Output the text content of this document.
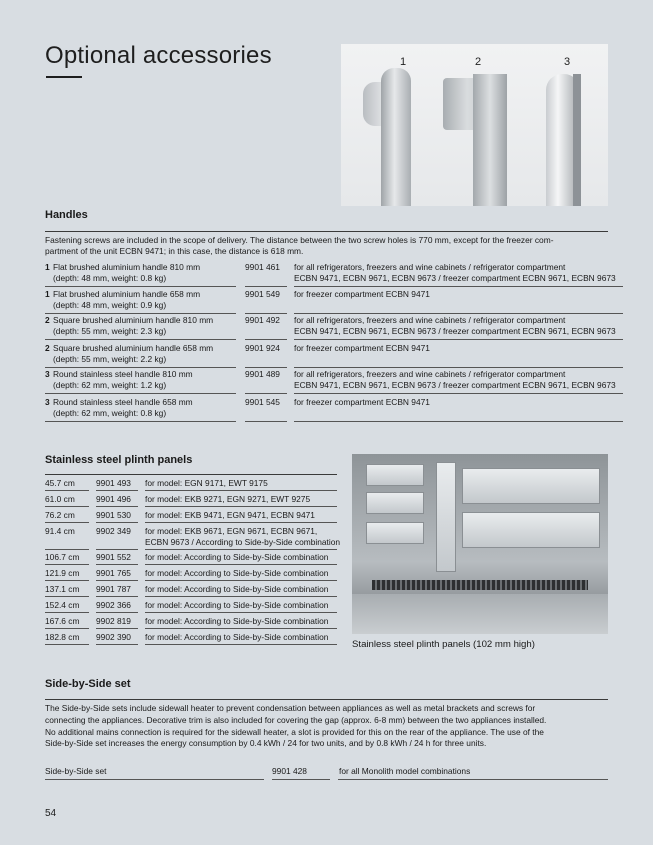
Optional accessories	1	2	3
Handles
Fastening screws are included in the scope of delivery. The distance between the two screw holes is 770 mm, except for the freezer com-
partment of the unit ECBN 9471; in this case, the distance is 618 mm.
1 Flat brushed aluminium handle 810 mm
(depth: 48 mm, weight: 0.8 kg)
9901 461 for all refrigerators, freezers and wine cabinets / refrigerator compartment
ECBN 9471, ECBN 9671, ECBN 9673 / freezer compartment ECBN 9671, ECBN 9673
1 Flat brushed aluminium handle 658 mm
(depth: 48 mm, weight: 0.9 kg)
9901 549 for freezer compartment ECBN 9471
2 Square brushed aluminium handle 810 mm
(depth: 55 mm, weight: 2.3 kg)
9901 492 for all refrigerators, freezers and wine cabinets / refrigerator compartment
ECBN 9471, ECBN 9671, ECBN 9673 / freezer compartment ECBN 9671, ECBN 9673
2 Square brushed aluminium handle 658 mm
(depth: 55 mm, weight: 2.2 kg)
9901 924 for freezer compartment ECBN 9471
3 Round stainless steel handle 810 mm
(depth: 62 mm, weight: 1.2 kg)
9901 489 for all refrigerators, freezers and wine cabinets / refrigerator compartment
ECBN 9471, ECBN 9671, ECBN 9673 / freezer compartment ECBN 9671, ECBN 9673
3 Round stainless steel handle 658 mm
(depth: 62 mm, weight: 0.8 kg)
9901 545 for freezer compartment ECBN 9471
Stainless steel plinth panels
45.7 cm	9901 493 for model: EGN 9171, EWT 9175
61.0 cm	9901 496 for model: EKB 9271, EGN 9271, EWT 9275
76.2 cm	9901 530 for model: EKB 9471, EGN 9471, ECBN 9471
91.4 cm	9902 349 for model: EKB 9671, EGN 9671, ECBN 9671,
ECBN 9673 / According to Side-by-Side combination
106.7 cm 9901 552 for model: According to Side-by-Side combination
121.9 cm 9901 765 for model: According to Side-by-Side combination
137.1 cm 9901 787 for model: According to Side-by-Side combination
152.4 cm 9902 366 for model: According to Side-by-Side combination
167.6 cm 9902 819 for model: According to Side-by-Side combination
182.8 cm 9902 390 for model: According to Side-by-Side combination
Stainless steel plinth panels (102 mm high)
Side-by-Side set
The Side-by-Side sets include sidewall heater to prevent condensation between appliances as well as metal brackets and screws for
connecting the appliances. Decorative trim is also included for covering the gap (approx. 6-8 mm) between the two appliances installed.
No additional mains connection is required for the sidewall heater, a slot is provided for this on the rear of the appliance. The use of the
Side-by-Side set increases the energy consumption by 0.4 kWh / 24 for two units, and by 0.8 kWh / 24 h for three units.
Side-by-Side set	9901 428	for all Monolith model combinations
54
